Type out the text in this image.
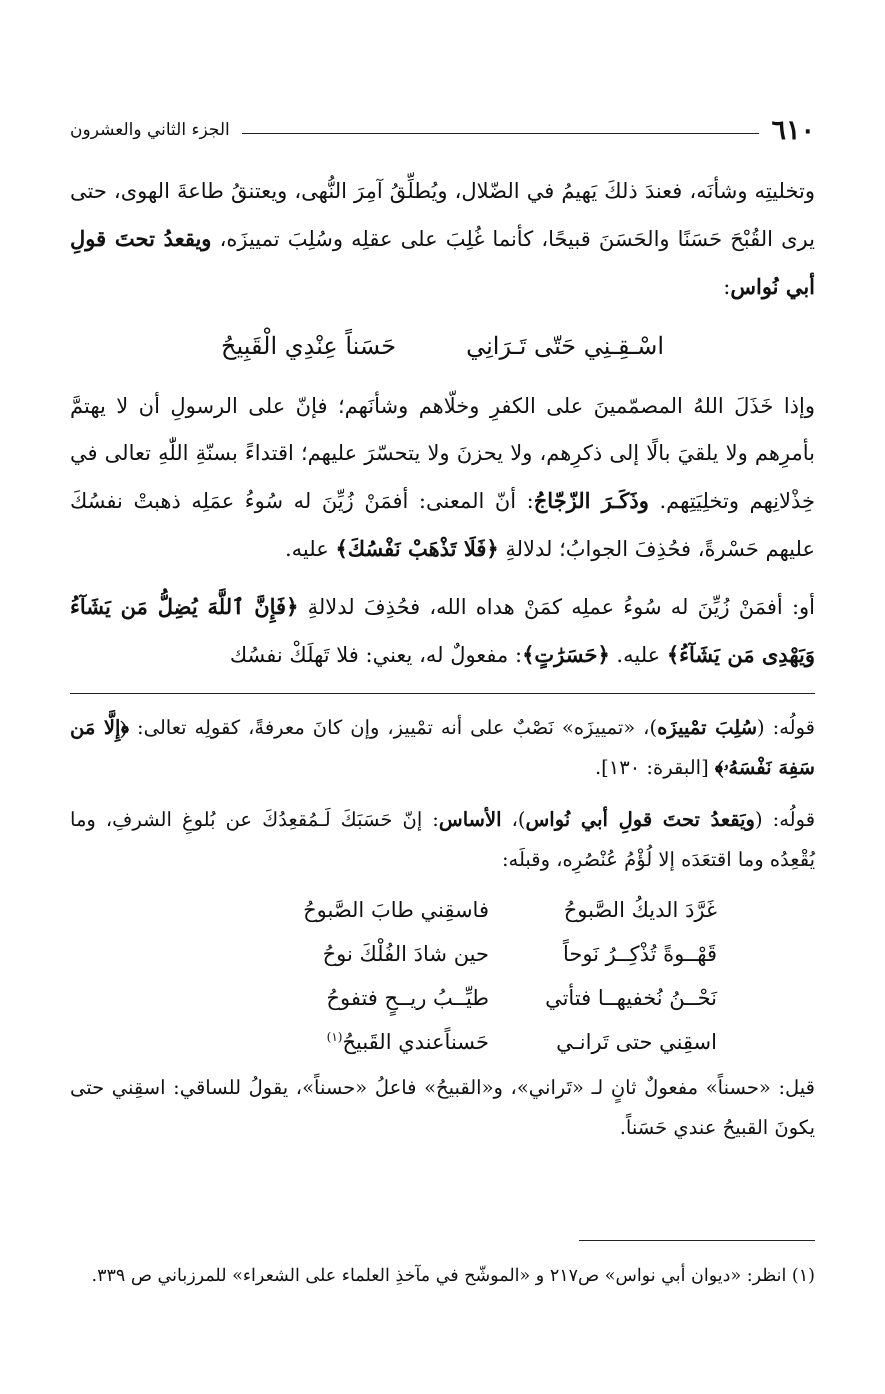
٦١٠
الجزء الثاني والعشرون

وتخليتِه وشأنَه، فعندَ ذلكَ يَهيمُ في الضّلال، ويُطلِّقُ آمِرَ النُّهى، ويعتنقُ طاعةَ الهوى، حتى يرى القُبْحَ حَسَنًا والحَسَنَ قبيحًا، كأنما غُلِبَ على عقلِه وسُلِبَ تمييزَه، ويقعدُ تحتَ قولِ أبي نُواس:

اسْـقِـنِي حَتّى تَـرَانِي
حَسَناً عِنْدِي الْقَبِيحُ

وإذا خَذَلَ اللهُ المصمّمينَ على الكفرِ وخلّاهم وشأنَهم؛ فإنّ على الرسولِ أن لا يهتمَّ بأمرِهم ولا يلقيَ بالًا إلى ذكرِهم، ولا يحزنَ ولا يتحسّرَ عليهم؛ اقتداءً بسنّةِ اللّٰهِ تعالى في خِذْلانِهم وتخلِيَتِهم. وذَكَـرَ الزّجّاجُ: أنّ المعنى: أفمَنْ زُيِّنَ له سُوءُ عمَلِه ذهبتْ نفسُكَ عليهم حَسْرةً، فحُذِفَ الجوابُ؛ لدلالةِ ﴿فَلَا تَذْهَبْ نَفْسُكَ﴾ عليه.

أو: أفمَنْ زُيِّنَ له سُوءُ عملِه كمَنْ هداه الله، فحُذِفَ لدلالةِ ﴿فَإِنَّ ٱللَّهَ يُضِلُّ مَن يَشَآءُ وَيَهْدِى مَن يَشَآءُ﴾ عليه. ﴿حَسَرَٰتٍ﴾: مفعولٌ له، يعني: فلا تَهلَكْ نفسُك

قولُه: (سُلِبَ تمْييزَه)، «تمييزَه» نَصْبٌ على أنه تمْييز، وإن كانَ معرفةً، كقولِه تعالى: ﴿إِلَّا مَن سَفِهَ نَفْسَهُۥ﴾ [البقرة: ١٣٠].

قولُه: (ويَقعدُ تحتَ قولِ أبي نُواس)، الأساس: إنّ حَسَبَكَ لَـمُقعِدُكَ عن بُلوغِ الشرفِ، وما يُقْعِدُه وما اقتعَدَه إلا لُؤْمُ عُنْصُرِه، وقبلَه:

غَرَّدَ الديكُ الصَّبوحُ
فاسقِني طابَ الصَّبوحُ
قَهْــوةً تُذْكِــرُ نَوحاً
حين شادَ الفُلْكَ نوحُ
نَحْــنُ نُخفيهــا فتأتي
طيِّــبُ ريــحٍ فتفوحُ
اسقِني حتى تَرانـي
حَسناًعندي القَبيحُ$^{(١)}$

قيل: «حسناً» مفعولٌ ثانٍ لـ «تَراني»، و«القبيحُ» فاعلُ «حسناً»، يقولُ للساقي: اسقِني حتى يكونَ القبيحُ عندي حَسَناً.

(١) انظر: «ديوان أبي نواس» ص٢١٧ و «الموشّح في مآخذِ العلماء على الشعراء» للمرزباني ص ٣٣٩.
